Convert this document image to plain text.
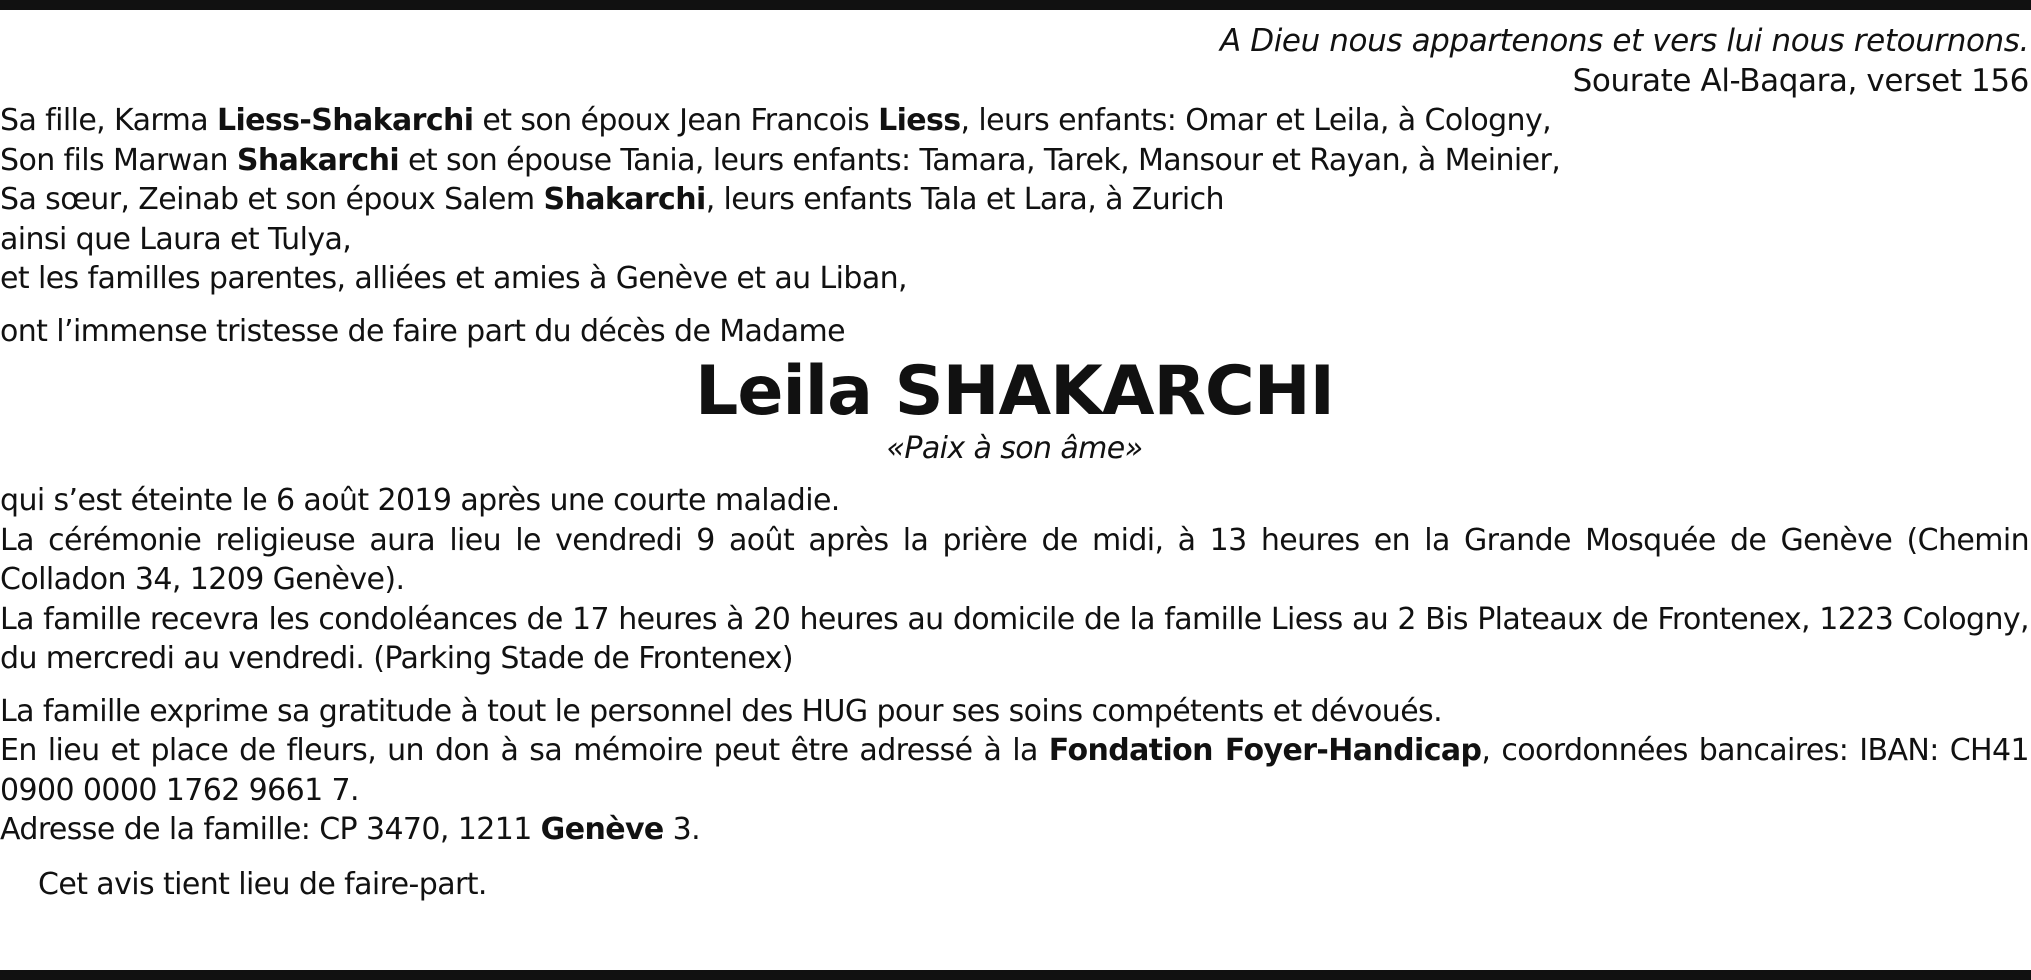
A Dieu nous appartenons et vers lui nous retournons.
Sourate Al-Baqara, verset 156
Sa fille, Karma Liess-Shakarchi et son époux Jean Francois Liess, leurs enfants: Omar et Leila, à Cologny,
Son fils Marwan Shakarchi et son épouse Tania, leurs enfants: Tamara, Tarek, Mansour et Rayan, à Meinier,
Sa sœur, Zeinab et son époux Salem Shakarchi, leurs enfants Tala et Lara, à Zurich
ainsi que Laura et Tulya,
et les familles parentes, alliées et amies à Genève et au Liban,
ont l’immense tristesse de faire part du décès de Madame
Leila SHAKARCHI
«Paix à son âme»
qui s’est éteinte le 6 août 2019 après une courte maladie.
La cérémonie religieuse aura lieu le vendredi 9 août après la prière de midi, à 13 heures en la Grande Mosquée de Genève (Chemin Colladon 34, 1209 Genève).
La famille recevra les condoléances de 17 heures à 20 heures au domicile de la famille Liess au 2 Bis Plateaux de Frontenex, 1223 Cologny, du mercredi au vendredi. (Parking Stade de Frontenex)
La famille exprime sa gratitude à tout le personnel des HUG pour ses soins compétents et dévoués.
En lieu et place de fleurs, un don à sa mémoire peut être adressé à la Fondation Foyer-Handicap, coordonnées bancaires: IBAN: CH41 0900 0000 1762 9661 7.
Adresse de la famille: CP 3470, 1211 Genève 3.
Cet avis tient lieu de faire-part.
